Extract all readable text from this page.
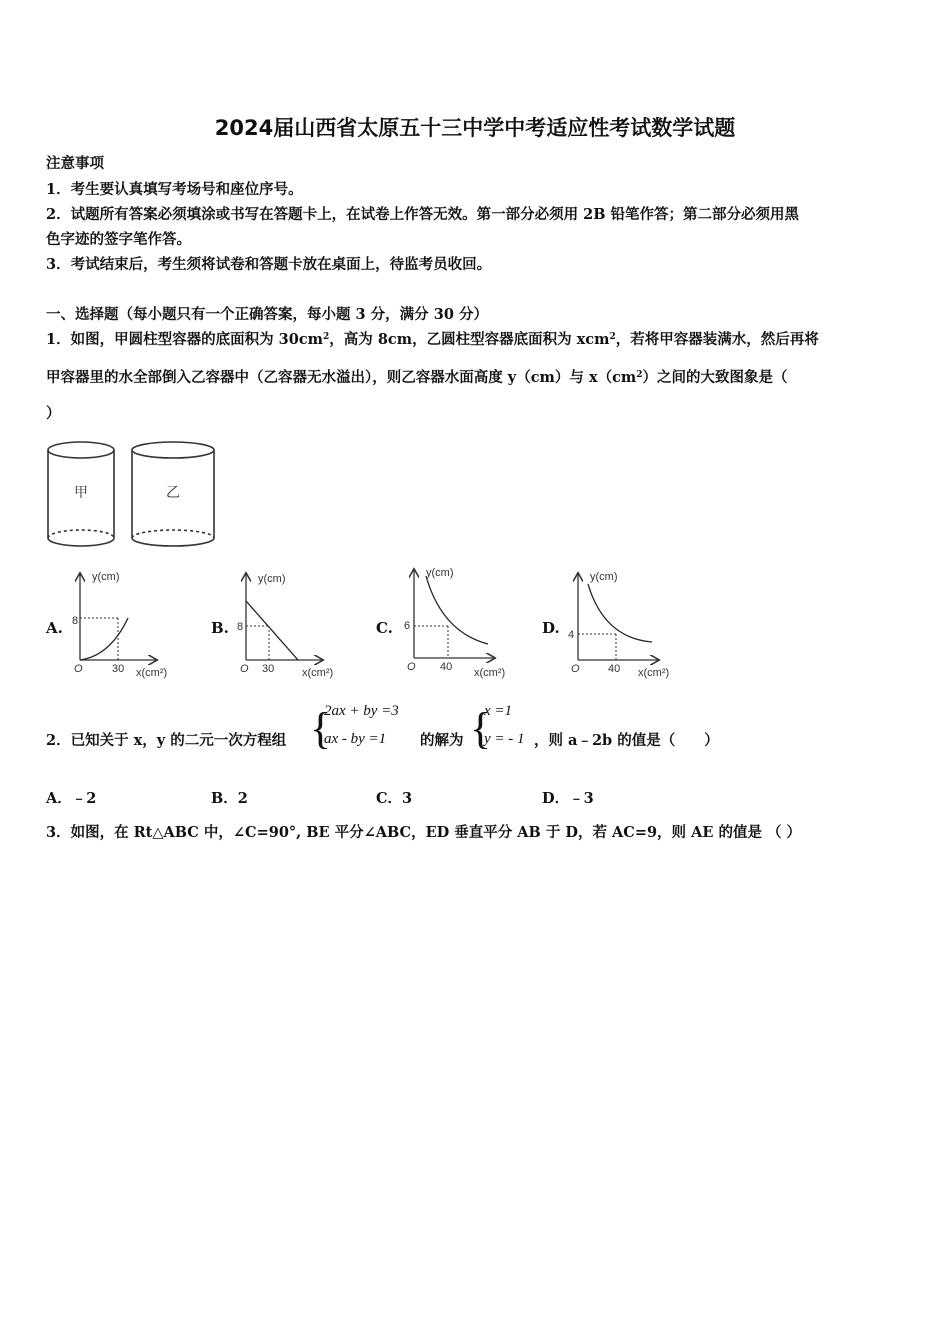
2024届山西省太原五十三中学中考适应性考试数学试题
注意事项
1．考生要认真填写考场号和座位序号。
2．试题所有答案必须填涂或书写在答题卡上，在试卷上作答无效。第一部分必须用 2B 铅笔作答；第二部分必须用黑
色字迹的签字笔作答。
3．考试结束后，考生须将试卷和答题卡放在桌面上，待监考员收回。
一、选择题（每小题只有一个正确答案，每小题 3 分，满分 30 分）
1．如图，甲圆柱型容器的底面积为 $30cm^2$，高为 8cm，乙圆柱型容器底面积为 xcm$^2$，若将甲容器装满水，然后再将
甲容器里的水全部倒入乙容器中（乙容器无水溢出），则乙容器水面高度 y（cm）与 $x(cm^2)$之间的大致图象是（
）
甲	乙
A.
y(cm)
8
30
O	x(cm²)
B.
y(cm)
8
30
O	x(cm²)
C.
y(cm)
6
40
O	x(cm²)
D.
y(cm)
4
40
O	x(cm²)
2．已知关于 x，y 的二元一次方程组 {
2ax + by =3
ax - by =1 的解为 {
x =1
y = - 1 ，则 a﹣2b 的值是（　　）
A．﹣2	B．2	C．3	D．﹣3
3．如图，在 Rt△ABC 中，∠C=90°, BE 平分∠ABC，ED 垂直平分 AB 于 D，若 AC=9，则 AE 的值是 （ ）
